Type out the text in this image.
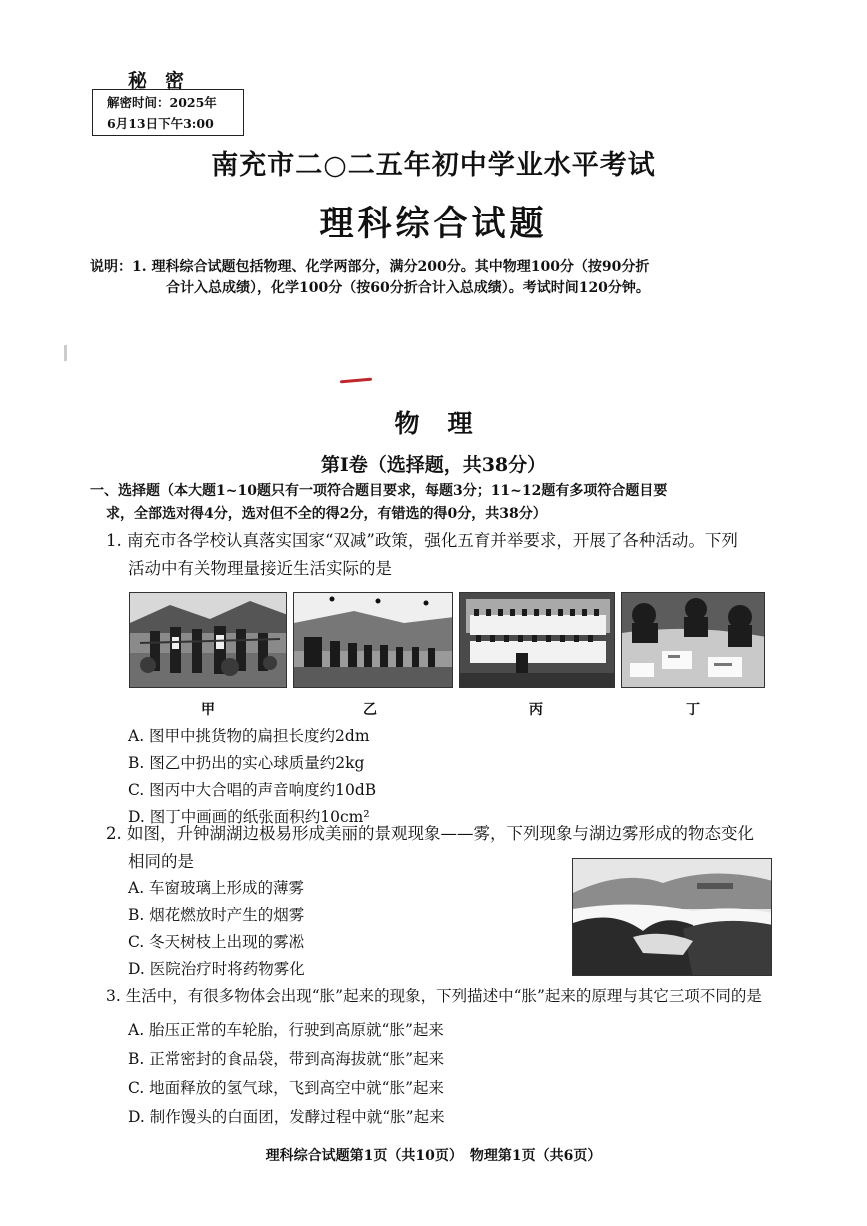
秘密
解密时间：2025年
6月13日下午3:00
南充市二○二五年初中学业水平考试
理科综合试题
说明：1. 理科综合试题包括物理、化学两部分，满分200分。其中物理100分（按90分折
合计入总成绩），化学100分（按60分折合计入总成绩）。考试时间120分钟。
物理
第Ⅰ卷（选择题，共38分）
一、选择题（本大题1~10题只有一项符合题目要求，每题3分；11~12题有多项符合题目要
求，全部选对得4分，选对但不全的得2分，有错选的得0分，共38分）
1. 南充市各学校认真落实国家“双减”政策，强化五育并举要求，开展了各种活动。下列
活动中有关物理量接近生活实际的是
甲	乙	丙	丁
A. 图甲中挑货物的扁担长度约2dm
B. 图乙中扔出的实心球质量约2kg
C. 图丙中大合唱的声音响度约10dB
D. 图丁中画画的纸张面积约10cm²
2. 如图，升钟湖湖边极易形成美丽的景观现象——雾，下列现象与湖边雾形成的物态变化
相同的是
A. 车窗玻璃上形成的薄雾
B. 烟花燃放时产生的烟雾
C. 冬天树枝上出现的雾凇
D. 医院治疗时将药物雾化
3. 生活中，有很多物体会出现“胀”起来的现象，下列描述中“胀”起来的原理与其它三项不同的是
A. 胎压正常的车轮胎，行驶到高原就“胀”起来
B. 正常密封的食品袋，带到高海拔就“胀”起来
C. 地面释放的氢气球，飞到高空中就“胀”起来
D. 制作馒头的白面团，发酵过程中就“胀”起来
理科综合试题第1页（共10页）　物理第1页（共6页）
